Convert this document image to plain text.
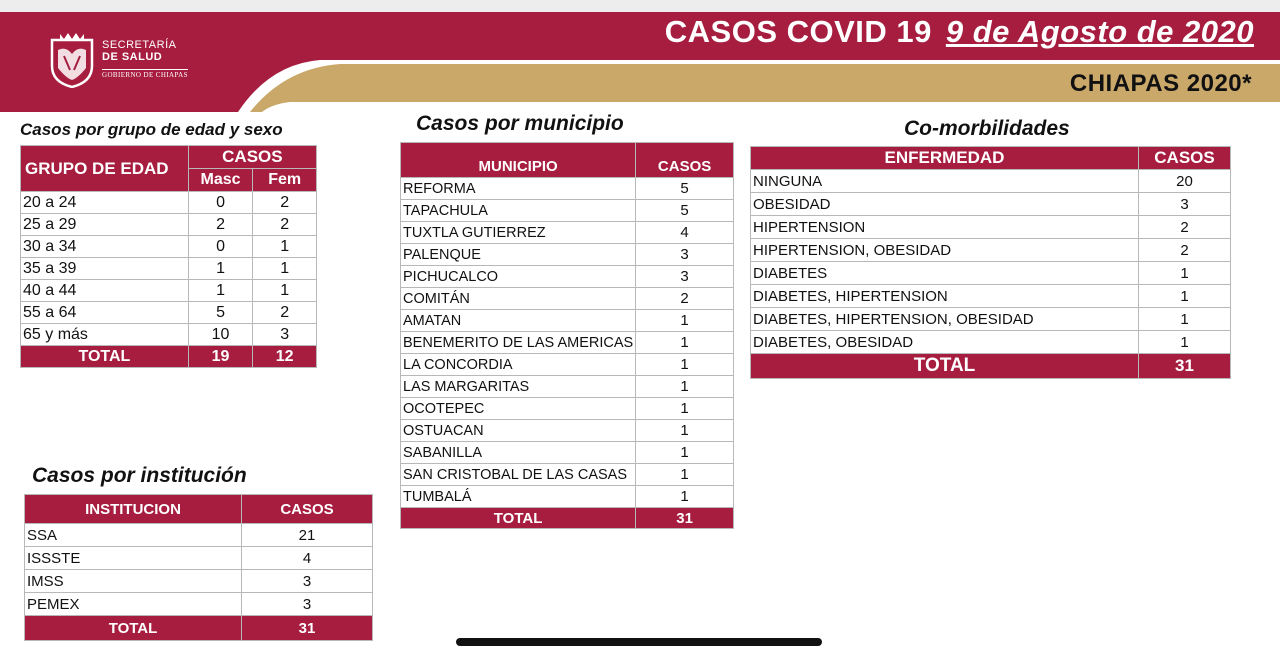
SECRETARÍA
DE SALUD
GOBIERNO DE CHIAPAS
CASOS COVID 19 9 de Agosto de 2020
CHIAPAS 2020*
Casos por grupo de edad y sexo
GRUPO DE EDAD	CASOS	
	Masc	Fem
20 a 24	0	2
25 a 29	2	2
30 a 34	0	1
35 a 39	1	1
40 a 44	1	1
55 a 64	5	2
65 y más	10	3
TOTAL	19	12
Casos por municipio
MUNICIPIO	CASOS
REFORMA	5
TAPACHULA	5
TUXTLA GUTIERREZ	4
PALENQUE	3
PICHUCALCO	3
COMITÁN	2
AMATAN	1
BENEMERITO DE LAS AMERICAS	1
LA CONCORDIA	1
LAS MARGARITAS	1
OCOTEPEC	1
OSTUACAN	1
SABANILLA	1
SAN CRISTOBAL DE LAS CASAS	1
TUMBALÁ	1
TOTAL	31
Co-morbilidades
ENFERMEDAD	CASOS
NINGUNA	20
OBESIDAD	3
HIPERTENSION	2
HIPERTENSION, OBESIDAD	2
DIABETES	1
DIABETES, HIPERTENSION	1
DIABETES, HIPERTENSION, OBESIDAD	1
DIABETES, OBESIDAD	1
TOTAL	31
Casos por institución
INSTITUCION	CASOS
SSA	21
ISSSTE	4
IMSS	3
PEMEX	3
TOTAL	31
